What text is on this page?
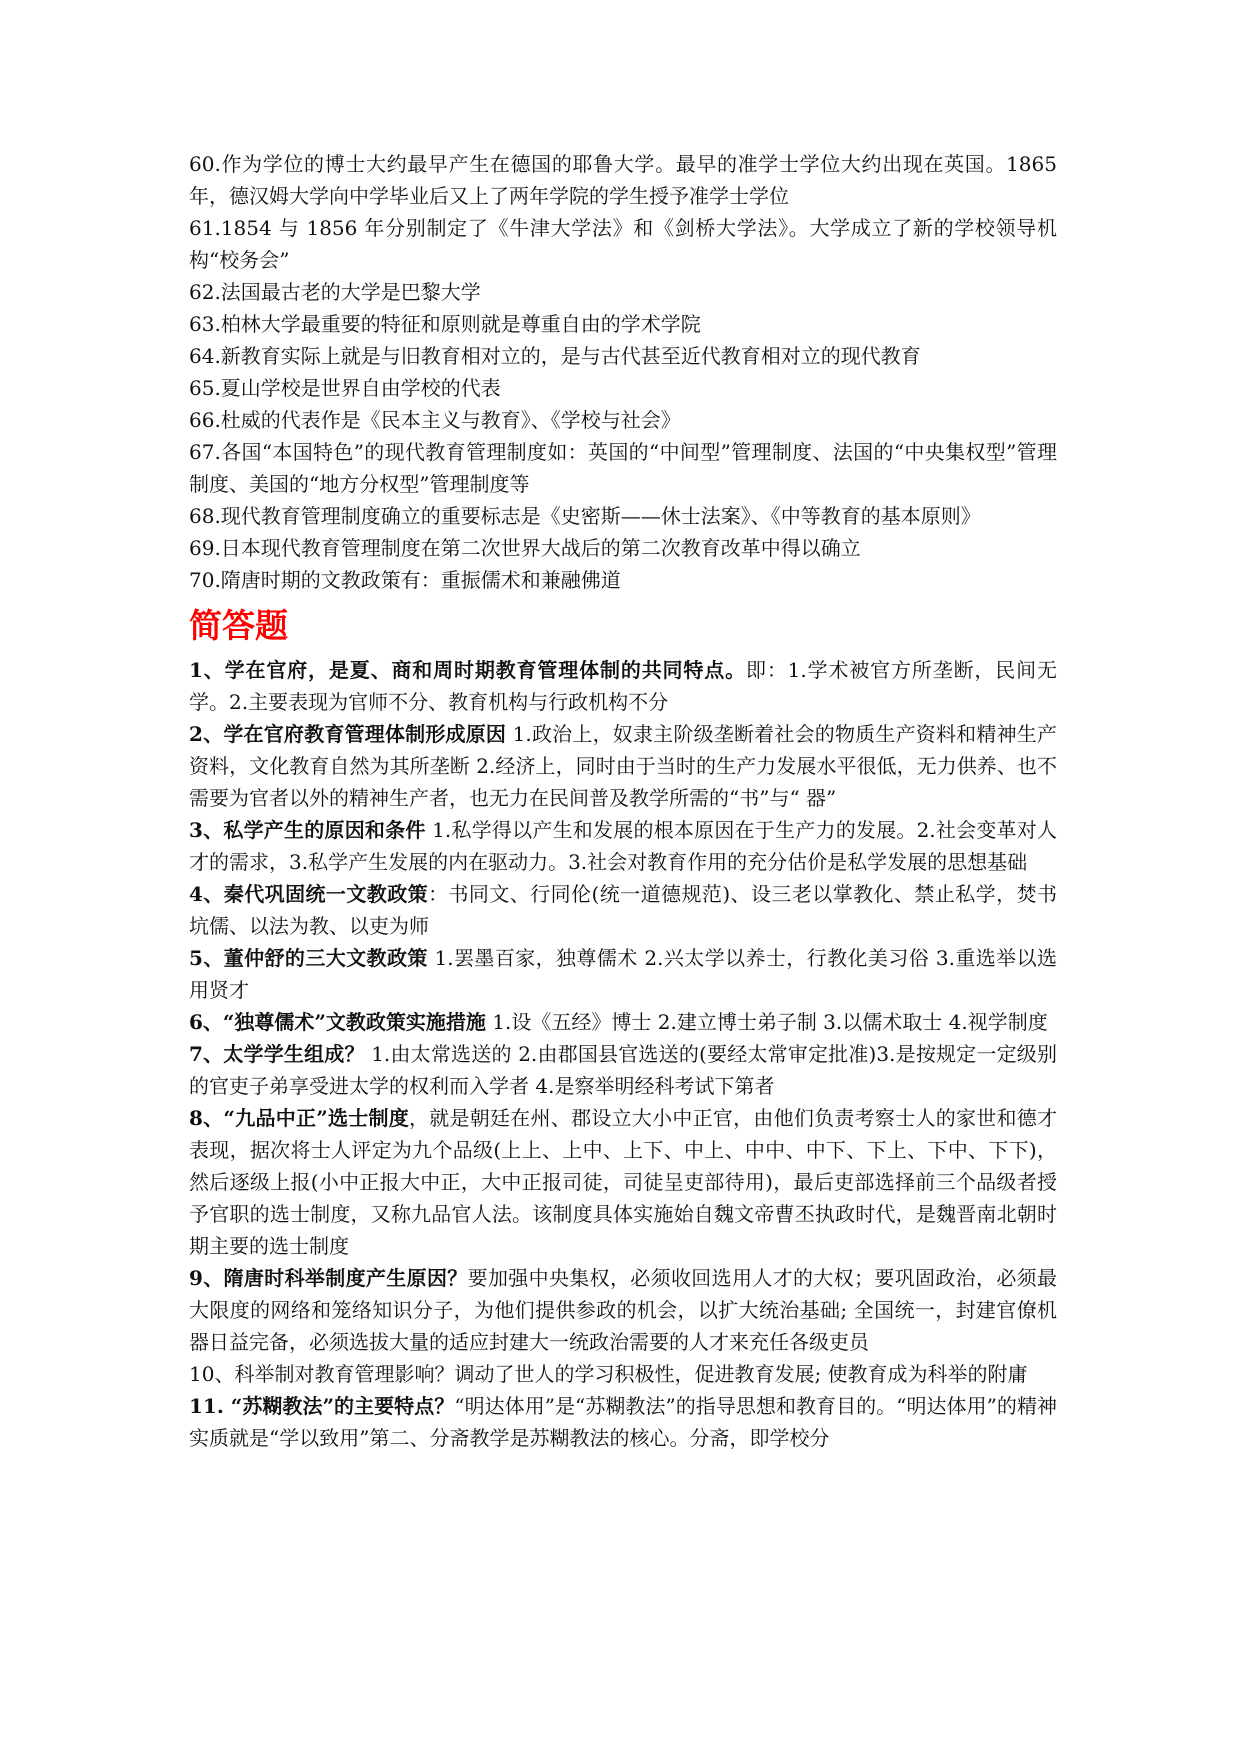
60.作为学位的博士大约最早产生在德国的耶鲁大学。最早的准学士学位大约出现在英国。1865 年，德汉姆大学向中学毕业后又上了两年学院的学生授予准学士学位

61.1854 与 1856 年分别制定了《牛津大学法》和《剑桥大学法》。大学成立了新的学校领导机构“校务会”

62.法国最古老的大学是巴黎大学

63.柏林大学最重要的特征和原则就是尊重自由的学术学院

64.新教育实际上就是与旧教育相对立的，是与古代甚至近代教育相对立的现代教育

65.夏山学校是世界自由学校的代表

66.杜威的代表作是《民本主义与教育》、《学校与社会》

67.各国“本国特色”的现代教育管理制度如：英国的“中间型”管理制度、法国的“中央集权型”管理制度、美国的“地方分权型”管理制度等

68.现代教育管理制度确立的重要标志是《史密斯——休士法案》、《中等教育的基本原则》

69.日本现代教育管理制度在第二次世界大战后的第二次教育改革中得以确立

70.隋唐时期的文教政策有：重振儒术和兼融佛道

简答题

1、学在官府，是夏、商和周时期教育管理体制的共同特点。即：1.学术被官方所垄断，民间无学。2.主要表现为官师不分、教育机构与行政机构不分

2、学在官府教育管理体制形成原因 1.政治上，奴隶主阶级垄断着社会的物质生产资料和精神生产资料，文化教育自然为其所垄断 2.经济上，同时由于当时的生产力发展水平很低，无力供养、也不需要为官者以外的精神生产者，也无力在民间普及教学所需的“书”与“ 器”

3、私学产生的原因和条件 1.私学得以产生和发展的根本原因在于生产力的发展。2.社会变革对人才的需求，3.私学产生发展的内在驱动力。3.社会对教育作用的充分估价是私学发展的思想基础

4、秦代巩固统一文教政策：书同文、行同伦(统一道德规范)、设三老以掌教化、禁止私学，焚书坑儒、以法为教、以吏为师

5、董仲舒的三大文教政策 1.罢墨百家，独尊儒术 2.兴太学以养士，行教化美习俗 3.重选举以选用贤才

6、“独尊儒术”文教政策实施措施 1.设《五经》博士 2.建立博士弟子制 3.以儒术取士 4.视学制度

7、太学学生组成？ 1.由太常选送的 2.由郡国县官选送的(要经太常审定批准)3.是按规定一定级别的官吏子弟享受进太学的权利而入学者 4.是察举明经科考试下第者

8、“九品中正”选士制度，就是朝廷在州、郡设立大小中正官，由他们负责考察士人的家世和德才表现，据次将士人评定为九个品级(上上、上中、上下、中上、中中、中下、下上、下中、下下)，然后逐级上报(小中正报大中正，大中正报司徒，司徒呈吏部待用)，最后吏部选择前三个品级者授予官职的选士制度，又称九品官人法。该制度具体实施始自魏文帝曹丕执政时代，是魏晋南北朝时期主要的选士制度

9、隋唐时科举制度产生原因？要加强中央集权，必须收回选用人才的大权；要巩固政治，必须最大限度的网络和笼络知识分子，为他们提供参政的机会，以扩大统治基础; 全国统一，封建官僚机器日益完备，必须选拔大量的适应封建大一统政治需要的人才来充任各级吏员

10、科举制对教育管理影响？调动了世人的学习积极性，促进教育发展; 使教育成为科举的附庸

11. “苏糊教法”的主要特点？“明达体用”是“苏糊教法”的指导思想和教育目的。“明达体用”的精神实质就是“学以致用”第二、分斋教学是苏糊教法的核心。分斋，即学校分
